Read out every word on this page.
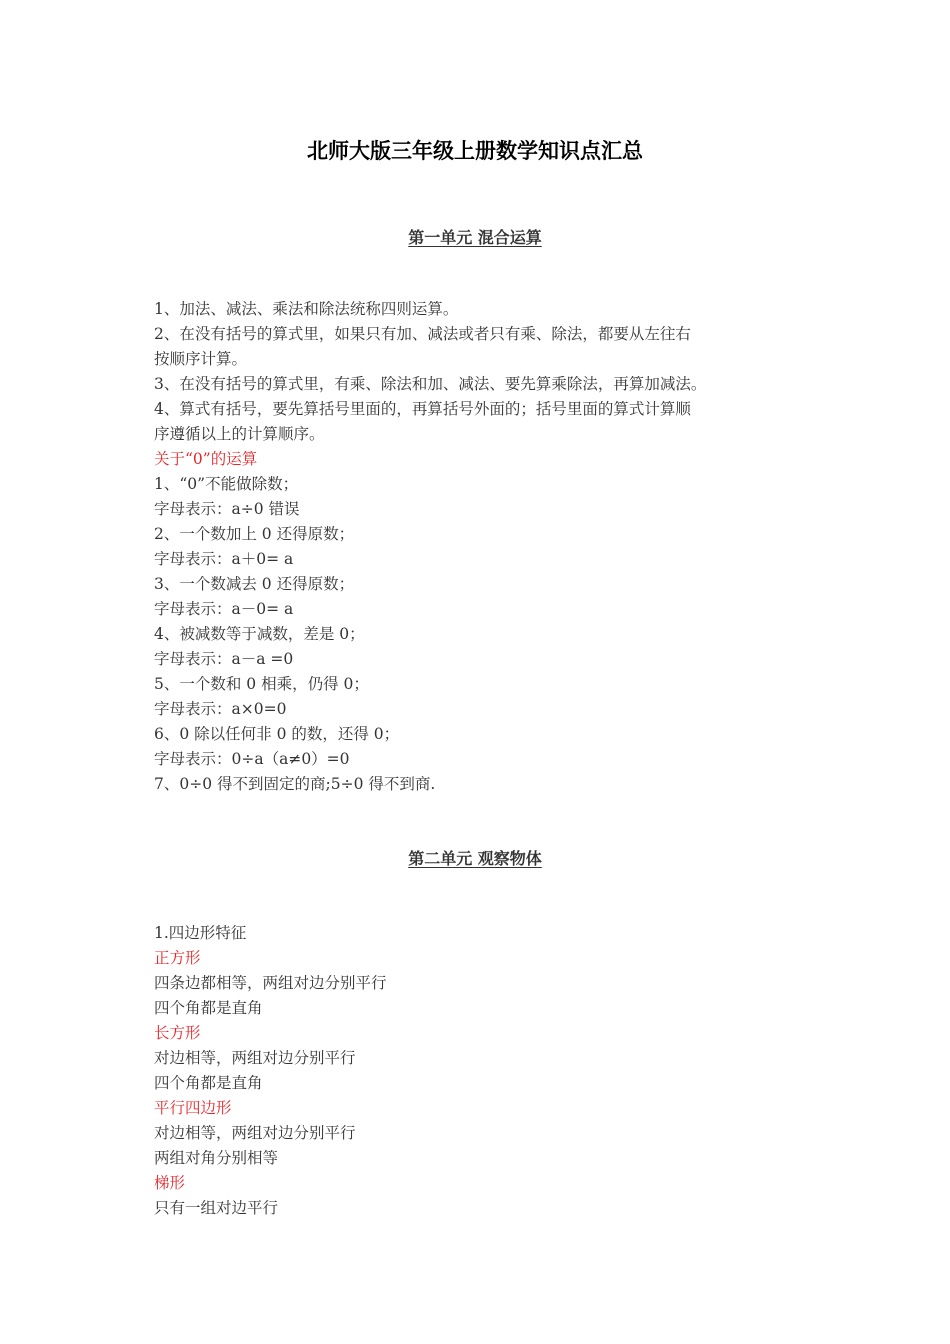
北师大版三年级上册数学知识点汇总
第一单元 混合运算
1、加法、减法、乘法和除法统称四则运算。
2、在没有括号的算式里，如果只有加、减法或者只有乘、除法，都要从左往右
按顺序计算。
3、在没有括号的算式里，有乘、除法和加、减法、要先算乘除法，再算加减法。
4、算式有括号，要先算括号里面的，再算括号外面的；括号里面的算式计算顺
序遵循以上的计算顺序。
关于“0”的运算
1、“0”不能做除数；
字母表示：a÷0 错误
2、一个数加上 0 还得原数；
字母表示：a＋0= a
3、一个数减去 0 还得原数；
字母表示：a－0= a
4、被减数等于减数，差是 0；
字母表示：a－a =0
5、一个数和 0 相乘，仍得 0；
字母表示：a×0=0
6、0 除以任何非 0 的数，还得 0；
字母表示：0÷a（a≠0）=0
7、0÷0 得不到固定的商;5÷0 得不到商.
第二单元 观察物体
1.四边形特征
正方形
四条边都相等，两组对边分别平行
四个角都是直角
长方形
对边相等，两组对边分别平行
四个角都是直角
平行四边形
对边相等，两组对边分别平行
两组对角分别相等
梯形
只有一组对边平行
